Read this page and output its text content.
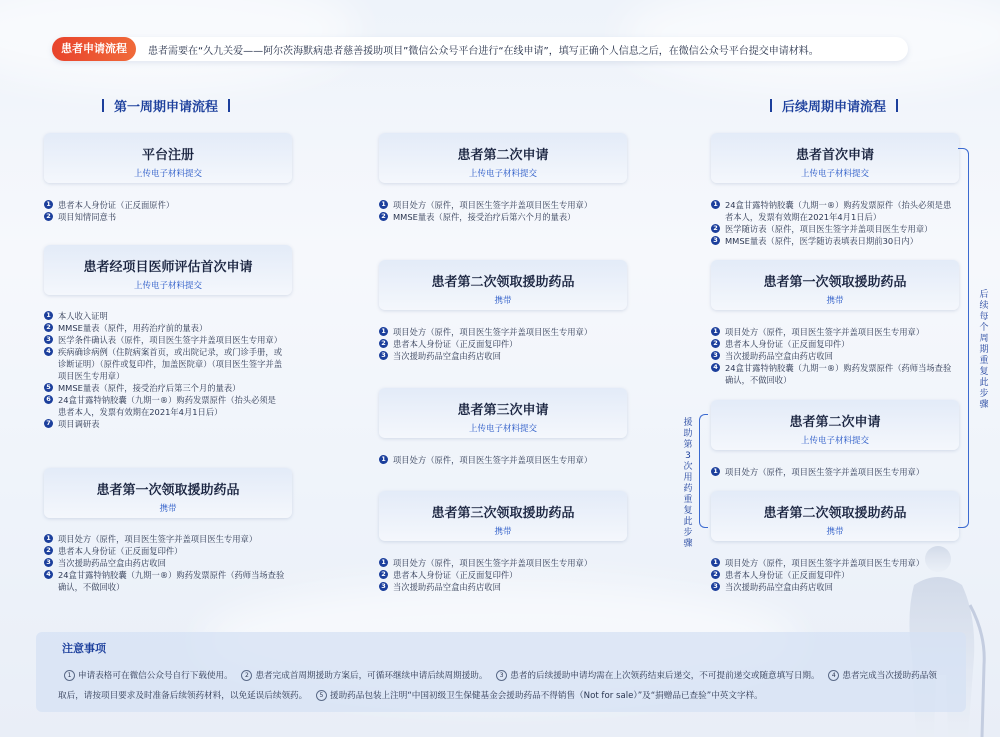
患者申请流程	患者需要在“久九关爱——阿尔茨海默病患者慈善援助项目”微信公众号平台进行“在线申请”，填写正确个人信息之后，在微信公众号平台提交申请材料。
第一周期申请流程	后续周期申请流程
平台注册
上传电子材料提交
1 患者本人身份证（正反面原件）
2 项目知情同意书
患者经项目医师评估首次申请
上传电子材料提交
1 本人收入证明
2 MMSE量表（原件，用药治疗前的量表）
3 医学条件确认表（原件，项目医生签字并盖项目医生专用章）
4 疾病确诊病例（住院病案首页，或出院记录，或门诊手册，或诊断证明）（原件或复印件，加盖医院章）（项目医生签字并盖项目医生专用章）
5 MMSE量表（原件，接受治疗后第三个月的量表）
6 24盒甘露特钠胶囊（九期一®）购药发票原件（抬头必须是患者本人，发票有效期在2021年4月1日后）
7 项目调研表
患者第一次领取援助药品
携带
1 项目处方（原件，项目医生签字并盖项目医生专用章）
2 患者本人身份证（正反面复印件）
3 当次援助药品空盒由药店收回
4 24盒甘露特钠胶囊（九期一®）购药发票原件（药师当场查验确认，不做回收）
患者第二次申请
上传电子材料提交
1 项目处方（原件，项目医生签字并盖项目医生专用章）
2 MMSE量表（原件，接受治疗后第六个月的量表）
患者第二次领取援助药品
携带
1 项目处方（原件，项目医生签字并盖项目医生专用章）
2 患者本人身份证（正反面复印件）
3 当次援助药品空盒由药店收回
患者第三次申请
上传电子材料提交
1 项目处方（原件，项目医生签字并盖项目医生专用章）
患者第三次领取援助药品
携带
1 项目处方（原件，项目医生签字并盖项目医生专用章）
2 患者本人身份证（正反面复印件）
3 当次援助药品空盒由药店收回
患者首次申请
上传电子材料提交
1 24盒甘露特钠胶囊（九期一®）购药发票原件（抬头必须是患者本人，发票有效期在2021年4月1日后）
2 医学随访表（原件，项目医生签字并盖项目医生专用章）
3 MMSE量表（原件，医学随访表填表日期前30日内）
患者第一次领取援助药品
携带
1 项目处方（原件，项目医生签字并盖项目医生专用章）
2 患者本人身份证（正反面复印件）
3 当次援助药品空盒由药店收回
4 24盒甘露特钠胶囊（九期一®）购药发票原件（药师当场查验确认，不做回收）
患者第二次申请
上传电子材料提交
1 项目处方（原件，项目医生签字并盖项目医生专用章）
患者第二次领取援助药品
携带
1 项目处方（原件，项目医生签字并盖项目医生专用章）
2 患者本人身份证（正反面复印件）
3 当次援助药品空盒由药店收回
后续每个周期重复此步骤
援助第3次用药重复此步骤
注意事项
1 申请表格可在微信公众号自行下载使用。 2 患者完成首周期援助方案后，可循环继续申请后续周期援助。 3 患者的后续援助申请均需在上次领药结束后递交，不可提前递交或随意填写日期。 4 患者完成当次援助药品领取后，请按项目要求及时准备后续领药材料，以免延误后续领药。 5 援助药品包装上注明“中国初级卫生保健基金会援助药品不得销售（Not for sale）”及“捐赠品已查验”中英文字样。
